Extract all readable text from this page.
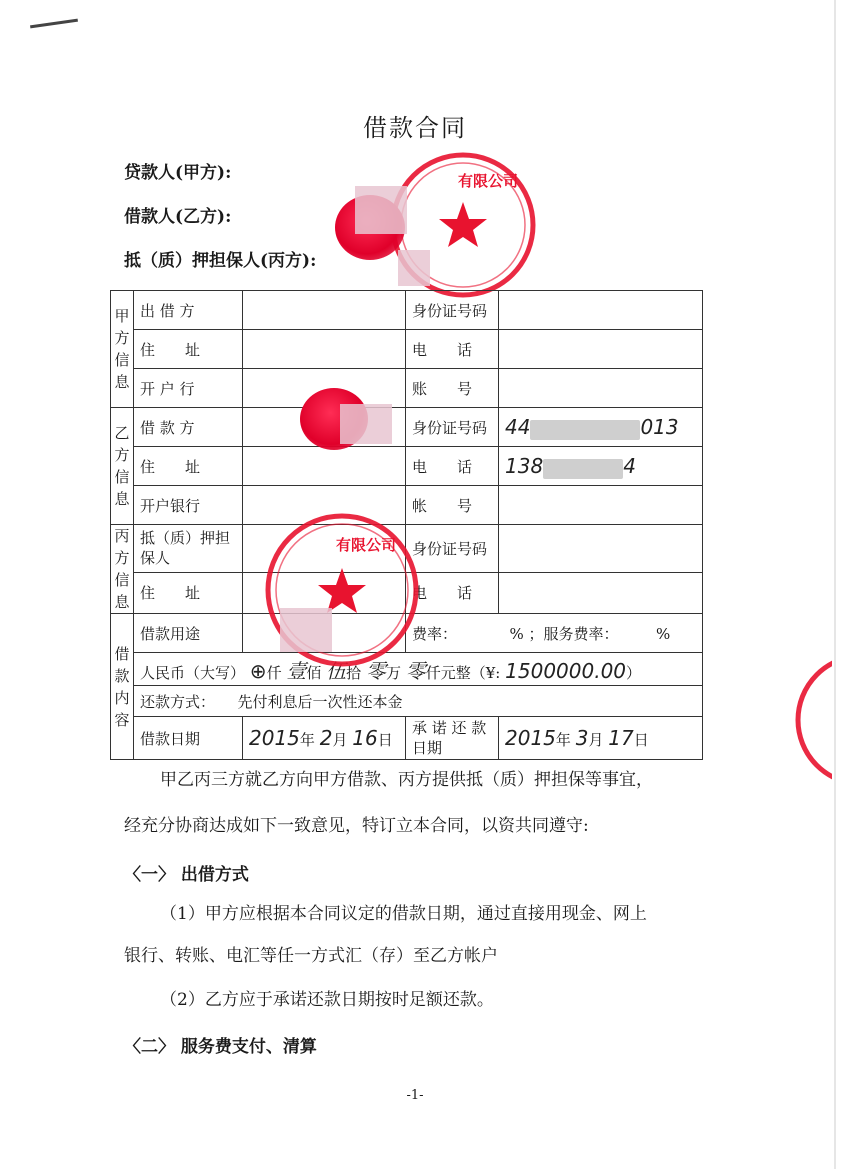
借款合同
贷款人(甲方):
借款人(乙方):
抵（质）押担保人(丙方):
有限公司
甲方信息	出 借 方		身份证号码	
	住　　址		电　　话	
	开 户 行		账　　号	
乙方信息	借 款 方		身份证号码	44 013
	住　　址		电　　话	138 4
	开户银行		帐　　号	
丙方信息	抵（质）押担保人		身份证号码	
	住　　址		电　　话	
借款内容	借款用途		费率：　　　　% ；服务费率：　　　%	
	人民币（大写） ⊕仟 壹佰 伍拾 零万 零仟元整（¥: 1500000.00）			
	还款方式：　　先付利息后一次性还本金			
	借款日期	2015年 2月 16日	承 诺 还 款日期	2015年 3月 17日
有限公司
甲乙丙三方就乙方向甲方借款、丙方提供抵（质）押担保等事宜，
经充分协商达成如下一致意见，特订立本合同，以资共同遵守:
〈一〉 出借方式
（1）甲方应根据本合同议定的借款日期，通过直接用现金、网上
银行、转账、电汇等任一方式汇（存）至乙方帐户
（2）乙方应于承诺还款日期按时足额还款。
〈二〉 服务费支付、清算
-1-
